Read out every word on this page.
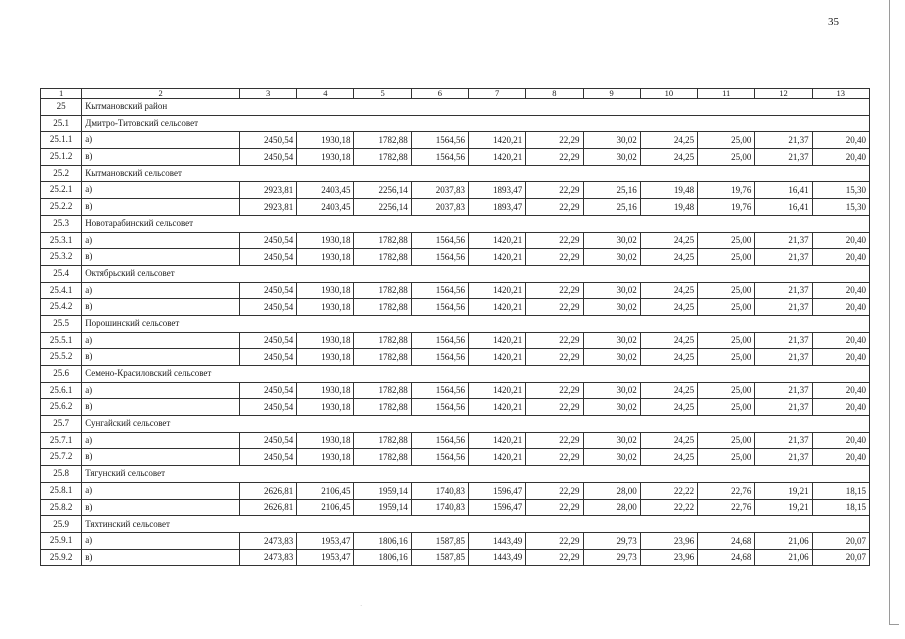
35
·
1	2	3	4	5	6	7	8	9	10	11	12	13
25	Кытмановский район											
25.1	Дмитро-Титовский сельсовет											
25.1.1	а)	2450,54	1930,18	1782,88	1564,56	1420,21	22,29	30,02	24,25	25,00	21,37	20,40
25.1.2	в)	2450,54	1930,18	1782,88	1564,56	1420,21	22,29	30,02	24,25	25,00	21,37	20,40
25.2	Кытмановский сельсовет											
25.2.1	а)	2923,81	2403,45	2256,14	2037,83	1893,47	22,29	25,16	19,48	19,76	16,41	15,30
25.2.2	в)	2923,81	2403,45	2256,14	2037,83	1893,47	22,29	25,16	19,48	19,76	16,41	15,30
25.3	Новотарабинский сельсовет											
25.3.1	а)	2450,54	1930,18	1782,88	1564,56	1420,21	22,29	30,02	24,25	25,00	21,37	20,40
25.3.2	в)	2450,54	1930,18	1782,88	1564,56	1420,21	22,29	30,02	24,25	25,00	21,37	20,40
25.4	Октябрьский сельсовет											
25.4.1	а)	2450,54	1930,18	1782,88	1564,56	1420,21	22,29	30,02	24,25	25,00	21,37	20,40
25.4.2	в)	2450,54	1930,18	1782,88	1564,56	1420,21	22,29	30,02	24,25	25,00	21,37	20,40
25.5	Порошинский сельсовет											
25.5.1	а)	2450,54	1930,18	1782,88	1564,56	1420,21	22,29	30,02	24,25	25,00	21,37	20,40
25.5.2	в)	2450,54	1930,18	1782,88	1564,56	1420,21	22,29	30,02	24,25	25,00	21,37	20,40
25.6	Семено-Красиловский сельсовет											
25.6.1	а)	2450,54	1930,18	1782,88	1564,56	1420,21	22,29	30,02	24,25	25,00	21,37	20,40
25.6.2	в)	2450,54	1930,18	1782,88	1564,56	1420,21	22,29	30,02	24,25	25,00	21,37	20,40
25.7	Сунгайский сельсовет											
25.7.1	а)	2450,54	1930,18	1782,88	1564,56	1420,21	22,29	30,02	24,25	25,00	21,37	20,40
25.7.2	в)	2450,54	1930,18	1782,88	1564,56	1420,21	22,29	30,02	24,25	25,00	21,37	20,40
25.8	Тягунский сельсовет											
25.8.1	а)	2626,81	2106,45	1959,14	1740,83	1596,47	22,29	28,00	22,22	22,76	19,21	18,15
25.8.2	в)	2626,81	2106,45	1959,14	1740,83	1596,47	22,29	28,00	22,22	22,76	19,21	18,15
25.9	Тяхтинский сельсовет											
25.9.1	а)	2473,83	1953,47	1806,16	1587,85	1443,49	22,29	29,73	23,96	24,68	21,06	20,07
25.9.2	в)	2473,83	1953,47	1806,16	1587,85	1443,49	22,29	29,73	23,96	24,68	21,06	20,07
